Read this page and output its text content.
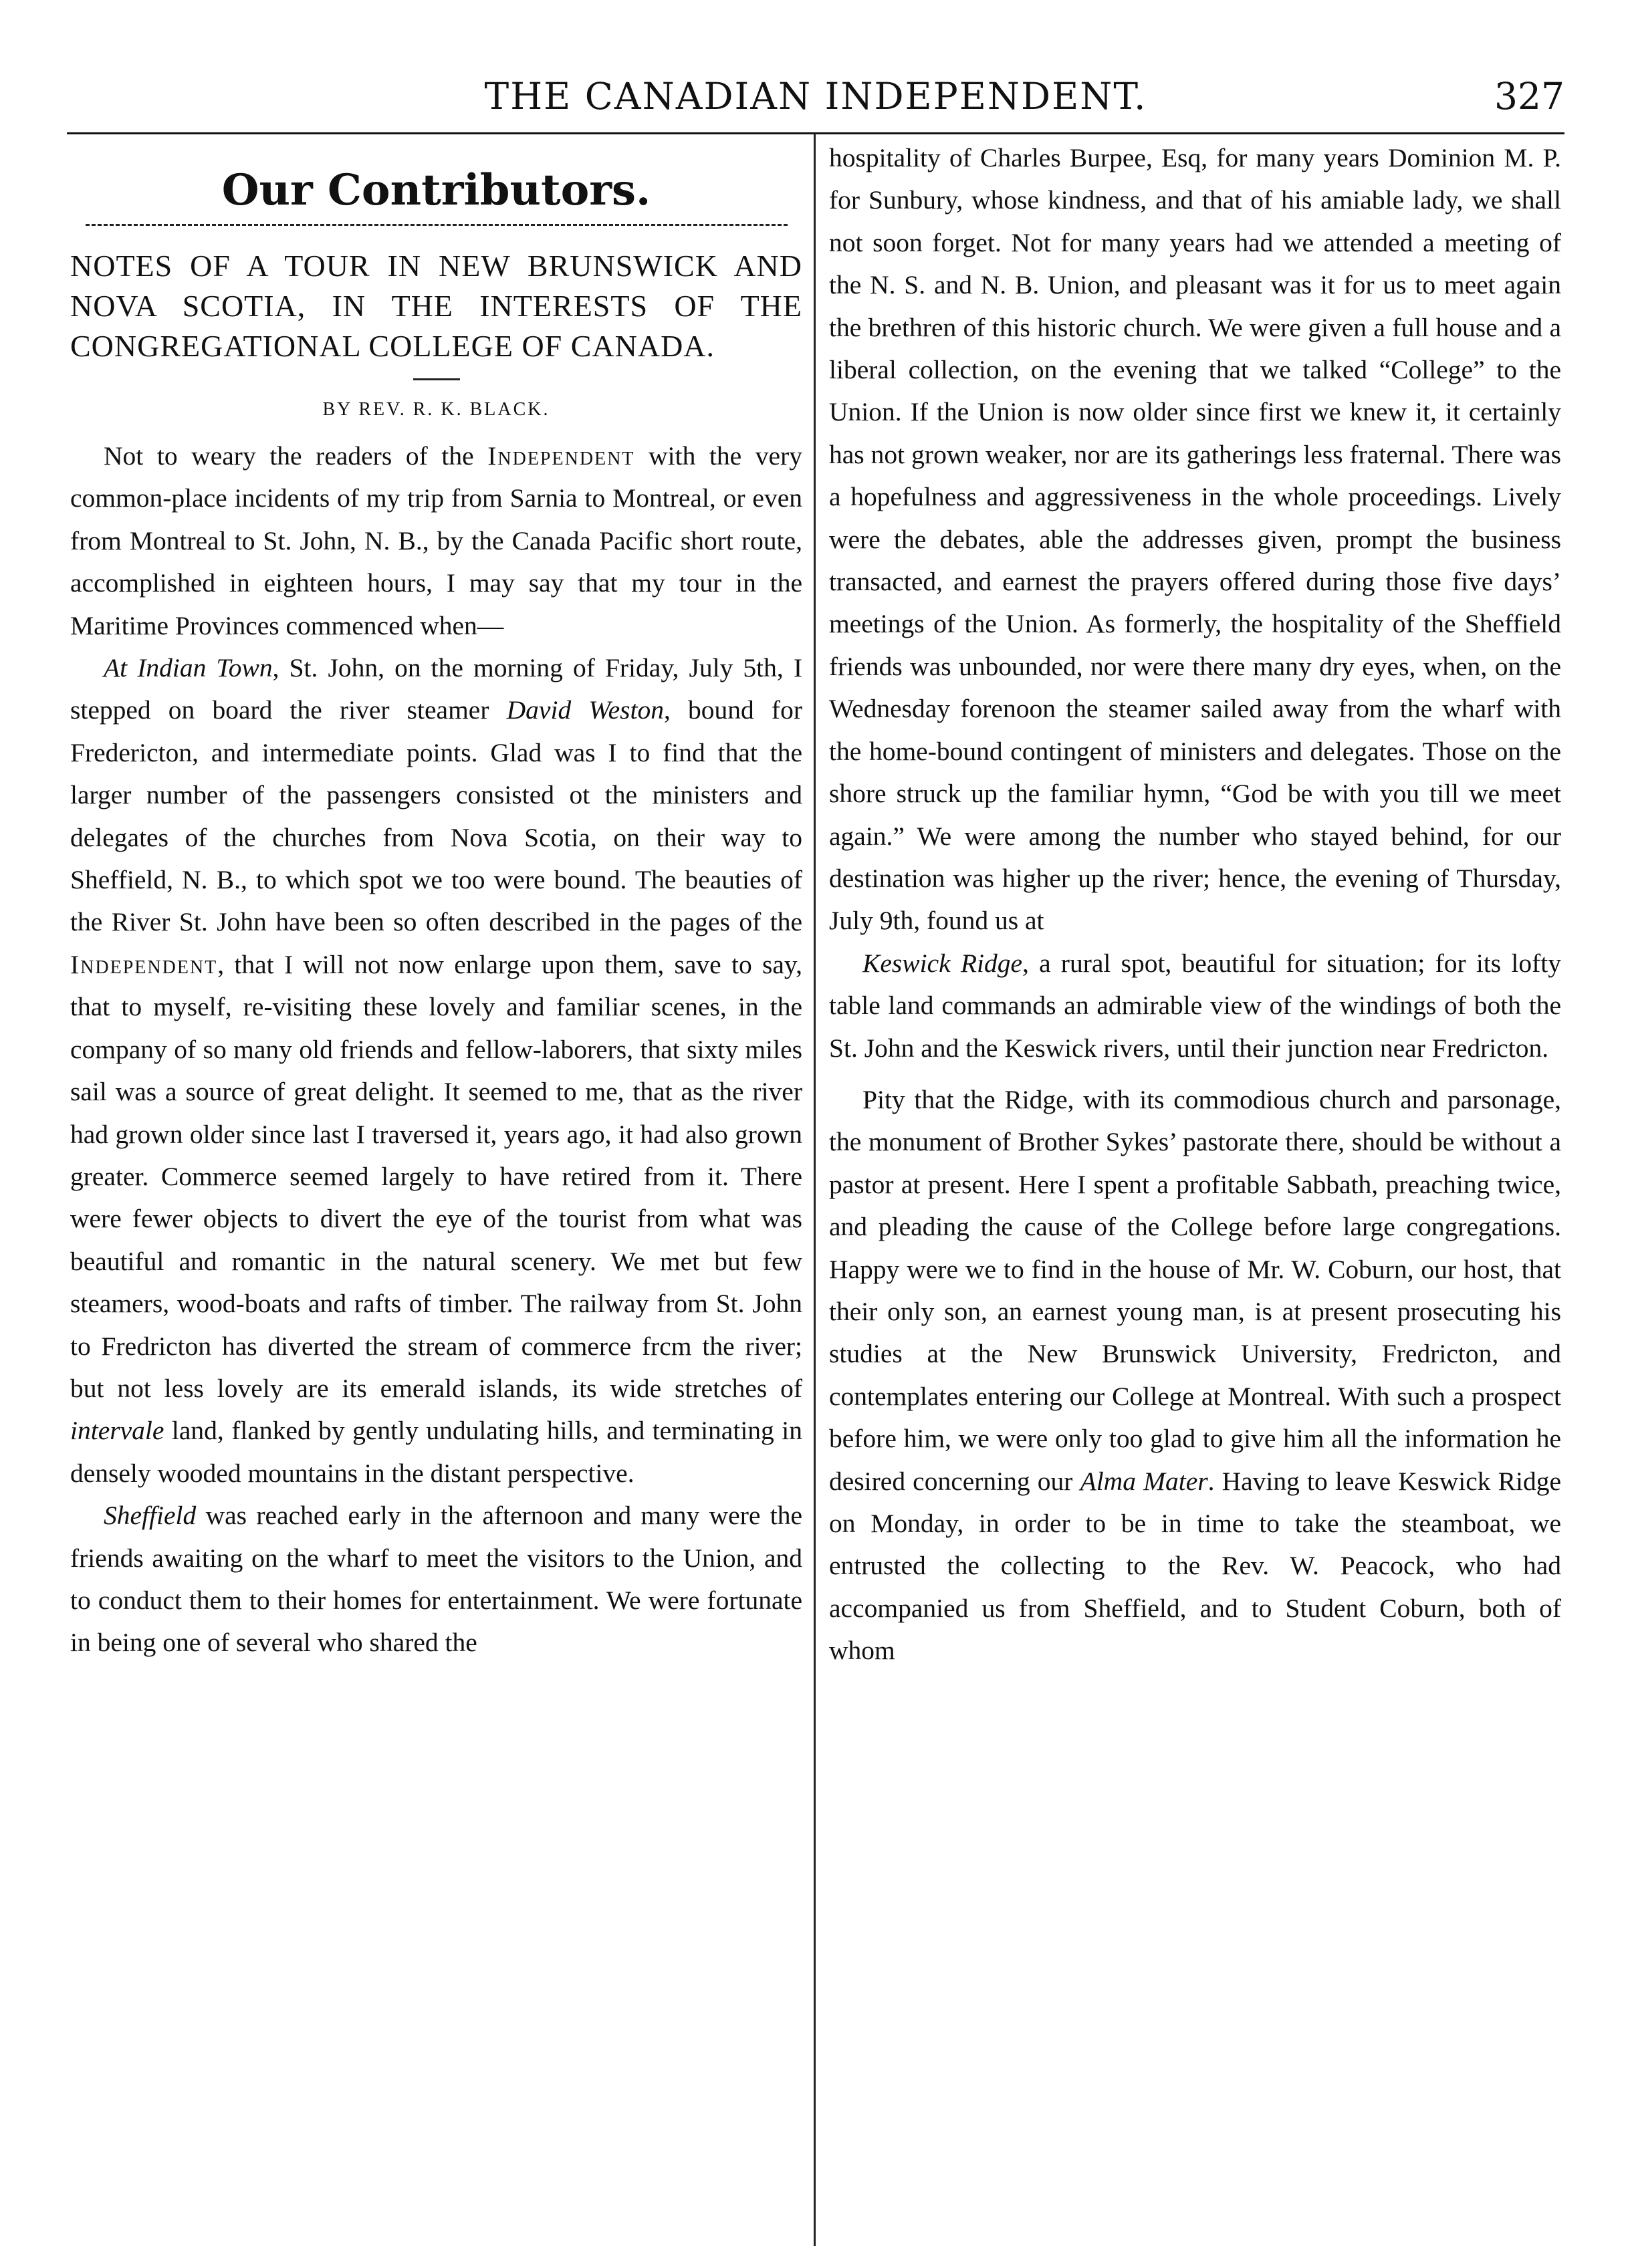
THE CANADIAN INDEPENDENT.	327
Our Contributors.
NOTES OF A TOUR IN NEW BRUNSWICK AND NOVA SCOTIA, IN THE INTERESTS OF THE CONGREGATIONAL COLLEGE OF CANADA.
BY REV. R. K. BLACK.

Not to weary the readers of the Independent with the very common-place incidents of my trip from Sarnia to Montreal, or even from Montreal to St. John, N. B., by the Canada Pacific short route, accomplished in eighteen hours, I may say that my tour in the Maritime Provinces commenced when—

At Indian Town, St. John, on the morning of Friday, July 5th, I stepped on board the river steamer David Weston, bound for Fredericton, and intermediate points. Glad was I to find that the larger number of the passengers consisted ot the ministers and delegates of the churches from Nova Scotia, on their way to Sheffield, N. B., to which spot we too were bound. The beauties of the River St. John have been so often described in the pages of the Independent, that I will not now enlarge upon them, save to say, that to myself, re-visiting these lovely and familiar scenes, in the company of so many old friends and fellow-laborers, that sixty miles sail was a source of great delight. It seemed to me, that as the river had grown older since last I traversed it, years ago, it had also grown greater. Commerce seemed largely to have retired from it. There were fewer objects to divert the eye of the tourist from what was beautiful and romantic in the natural scenery. We met but few steamers, wood-boats and rafts of timber. The railway from St. John to Fredricton has diverted the stream of commerce frcm the river; but not less lovely are its emerald islands, its wide stretches of intervale land, flanked by gently undulating hills, and terminating in densely wooded mountains in the distant perspective.

Sheffield was reached early in the afternoon and many were the friends awaiting on the wharf to meet the visitors to the Union, and to conduct them to their homes for entertainment. We were fortunate in being one of several who shared the

hospitality of Charles Burpee, Esq, for many years Dominion M. P. for Sunbury, whose kindness, and that of his amiable lady, we shall not soon forget. Not for many years had we attended a meeting of the N. S. and N. B. Union, and pleasant was it for us to meet again the brethren of this historic church. We were given a full house and a liberal collection, on the evening that we talked “College” to the Union. If the Union is now older since first we knew it, it certainly has not grown weaker, nor are its gatherings less fraternal. There was a hopefulness and aggressiveness in the whole proceedings. Lively were the debates, able the addresses given, prompt the business transacted, and earnest the prayers offered during those five days’ meetings of the Union. As formerly, the hospitality of the Sheffield friends was unbounded, nor were there many dry eyes, when, on the Wednesday forenoon the steamer sailed away from the wharf with the home-bound contingent of ministers and delegates. Those on the shore struck up the familiar hymn, “God be with you till we meet again.” We were among the number who stayed behind, for our destination was higher up the river; hence, the evening of Thursday, July 9th, found us at

Keswick Ridge, a rural spot, beautiful for situation; for its lofty table land commands an admirable view of the windings of both the St. John and the Keswick rivers, until their junction near Fredricton.

Pity that the Ridge, with its commodious church and parsonage, the monument of Brother Sykes’ pastorate there, should be without a pastor at present. Here I spent a profitable Sabbath, preaching twice, and pleading the cause of the College before large congregations. Happy were we to find in the house of Mr. W. Coburn, our host, that their only son, an earnest young man, is at present prosecuting his studies at the New Brunswick University, Fredricton, and contemplates entering our College at Montreal. With such a prospect before him, we were only too glad to give him all the information he desired concerning our Alma Mater. Having to leave Keswick Ridge on Monday, in order to be in time to take the steamboat, we entrusted the collecting to the Rev. W. Peacock, who had accompanied us from Sheffield, and to Student Coburn, both of whom
